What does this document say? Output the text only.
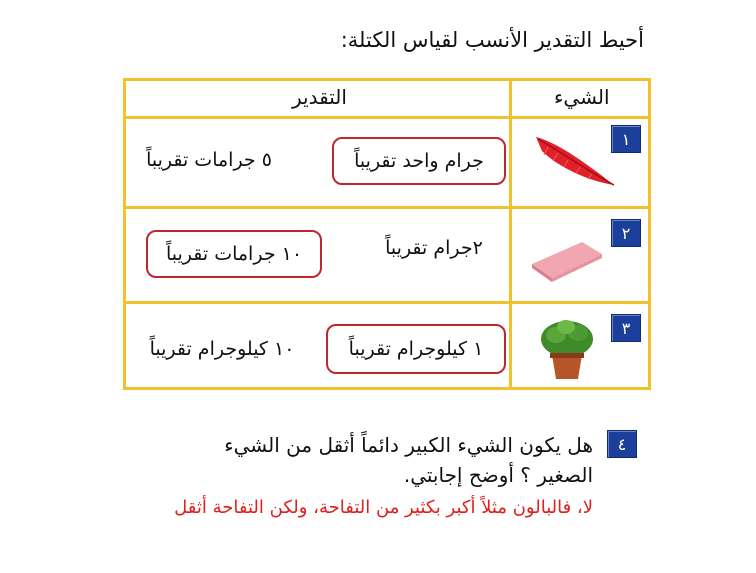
أحيط التقدير الأنسب لقياس الكتلة:
الشيء
التقدير
١
جرام واحد تقريباً
٥ جرامات تقريباً
٢
٢جرام تقريباً
١٠ جرامات تقريباً
٣
١ كيلوجرام تقريباً
١٠ كيلوجرام تقريباً
٤
هل يكون الشيء الكبير دائماً أثقل من الشيء الصغير ؟ أوضح إجابتي.
لا، فالبالون مثلاً أكبر بكثير من التفاحة، ولكن التفاحة أثقل
